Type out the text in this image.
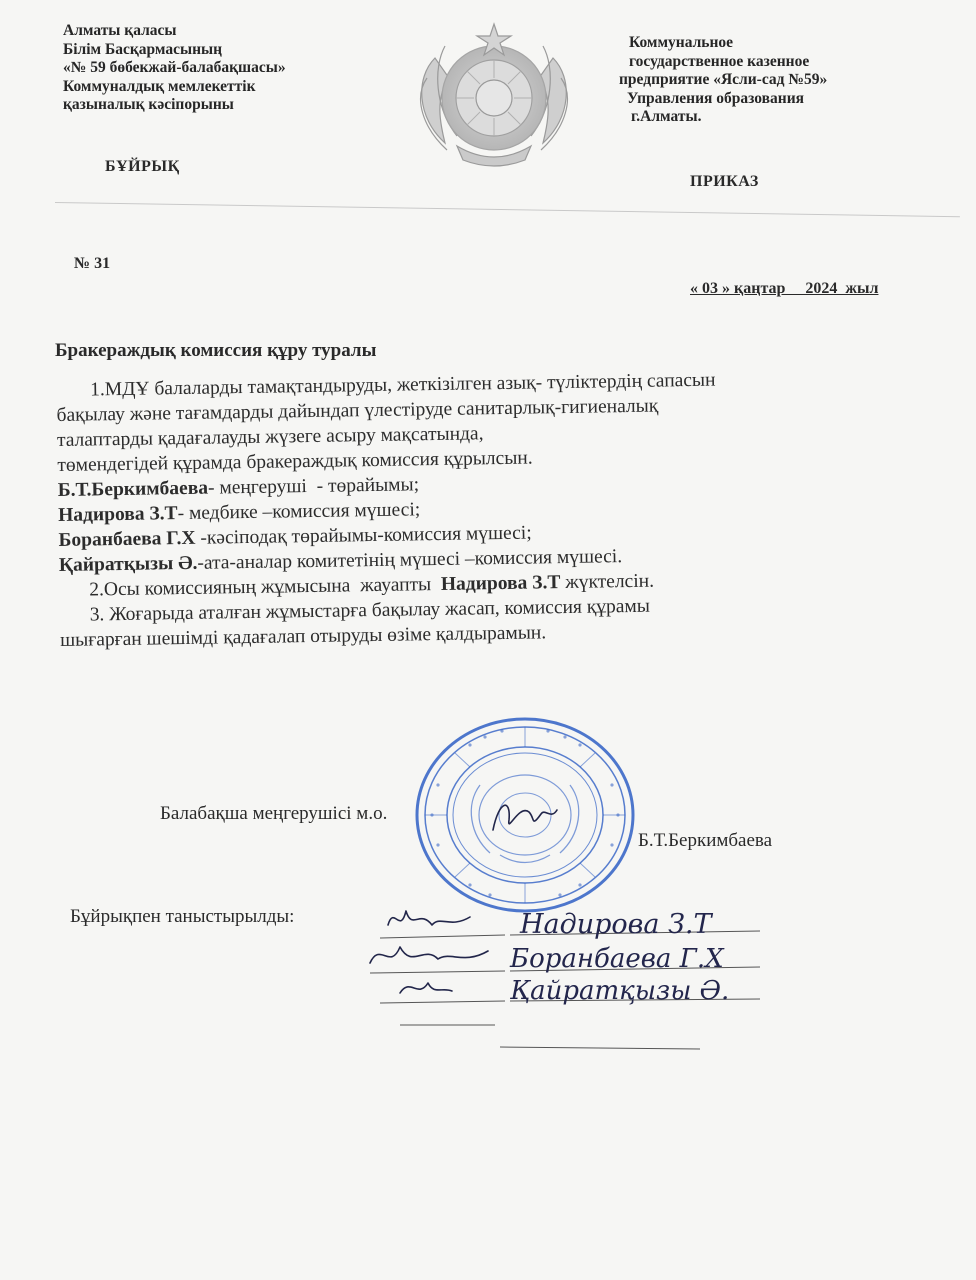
Алматы қаласы
Білім Басқармасының
«№ 59 бөбекжай-балабақшасы»
Коммуналдық мемлекеттік
қазыналық кәсіпорыны
БҰЙРЫҚ
Коммунальное
государственное казенное
предприятие «Ясли-сад №59»
Управления образования
г.Алматы.
ПРИКАЗ
№ 31
« 03 » қаңтар     2024  жыл
Бракераждық комиссия құру туралы
1.МДҰ балаларды тамақтандыруды, жеткізілген азық- түліктердің сапасын
бақылау және тағамдарды дайындап үлестіруде санитарлық-гигиеналық
талаптарды қадағалауды жүзеге асыру мақсатында,
төмендегідей құрамда бракераждық комиссия құрылсын.
Б.Т.Беркимбаева- меңгеруші  - төрайымы;
Надирова З.Т- медбике –комиссия мүшесі;
Боранбаева Г.Х -кәсіподақ төрайымы-комиссия мүшесі;
Қайратқызы Ә.-ата-аналар комитетінің мүшесі –комиссия мүшесі.
2.Осы комиссияның жұмысына  жауапты  Надирова З.Т жүктелсін.
3. Жоғарыда аталған жұмыстарға бақылау жасап, комиссия құрамы
шығарған шешімді қадағалап отыруды өзіме қалдырамын.
Балабақша меңгерушісі м.о.
Б.Т.Беркимбаева
Бұйрықпен таныстырылды:	Надирова З.Т
Боранбаева Г.Х
Қайратқызы Ә.
